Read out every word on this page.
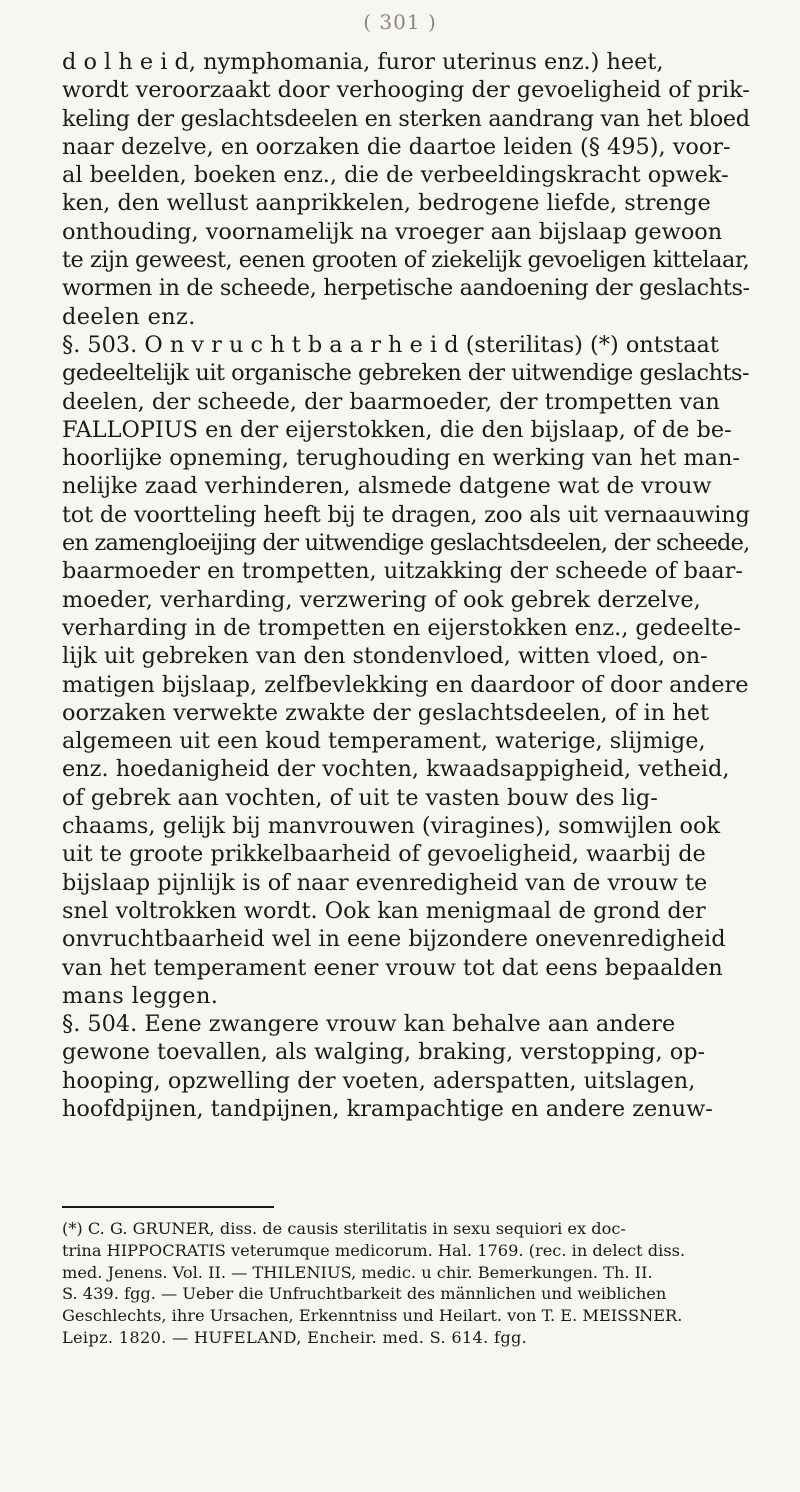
( 301 )
d o l h e i d, nymphomania, furor uterinus enz.) heet,
wordt veroorzaakt door verhooging der gevoeligheid of prik-
keling der geslachtsdeelen en sterken aandrang van het bloed
naar dezelve, en oorzaken die daartoe leiden (§ 495), voor-
al beelden, boeken enz., die de verbeeldingskracht opwek-
ken, den wellust aanprikkelen, bedrogene liefde, strenge
onthouding, voornamelijk na vroeger aan bijslaap gewoon
te zijn geweest, eenen grooten of ziekelijk gevoeligen kittelaar,
wormen in de scheede, herpetische aandoening der geslachts-
deelen enz.
§. 503. O n v r u c h t b a a r h e i d (sterilitas) (*) ontstaat
gedeeltelijk uit organische gebreken der uitwendige geslachts-
deelen, der scheede, der baarmoeder, der trompetten van
FALLOPIUS en der eijerstokken, die den bijslaap, of de be-
hoorlijke opneming, terughouding en werking van het man-
nelijke zaad verhinderen, alsmede datgene wat de vrouw
tot de voortteling heeft bij te dragen, zoo als uit vernaauwing
en zamengloeijing der uitwendige geslachtsdeelen, der scheede,
baarmoeder en trompetten, uitzakking der scheede of baar-
moeder, verharding, verzwering of ook gebrek derzelve,
verharding in de trompetten en eijerstokken enz., gedeelte-
lijk uit gebreken van den stondenvloed, witten vloed, on-
matigen bijslaap, zelfbevlekking en daardoor of door andere
oorzaken verwekte zwakte der geslachtsdeelen, of in het
algemeen uit een koud temperament, waterige, slijmige,
enz. hoedanigheid der vochten, kwaadsappigheid, vetheid,
of gebrek aan vochten, of uit te vasten bouw des lig-
chaams, gelijk bij manvrouwen (viragines), somwijlen ook
uit te groote prikkelbaarheid of gevoeligheid, waarbij de
bijslaap pijnlijk is of naar evenredigheid van de vrouw te
snel voltrokken wordt. Ook kan menigmaal de grond der
onvruchtbaarheid wel in eene bijzondere onevenredigheid
van het temperament eener vrouw tot dat eens bepaalden
mans leggen.
§. 504. Eene zwangere vrouw kan behalve aan andere
gewone toevallen, als walging, braking, verstopping, op-
hooping, opzwelling der voeten, aderspatten, uitslagen,
hoofdpijnen, tandpijnen, krampachtige en andere zenuw-
(*) C. G. GRUNER, diss. de causis sterilitatis in sexu sequiori ex doc-
trina HIPPOCRATIS veterumque medicorum. Hal. 1769. (rec. in delect diss.
med. Jenens. Vol. II. — THILENIUS, medic. u chir. Bemerkungen. Th. II.
S. 439. fgg. — Ueber die Unfruchtbarkeit des männlichen und weiblichen
Geschlechts, ihre Ursachen, Erkenntniss und Heilart. von T. E. MEISSNER.
Leipz. 1820. — HUFELAND, Encheir. med. S. 614. fgg.
